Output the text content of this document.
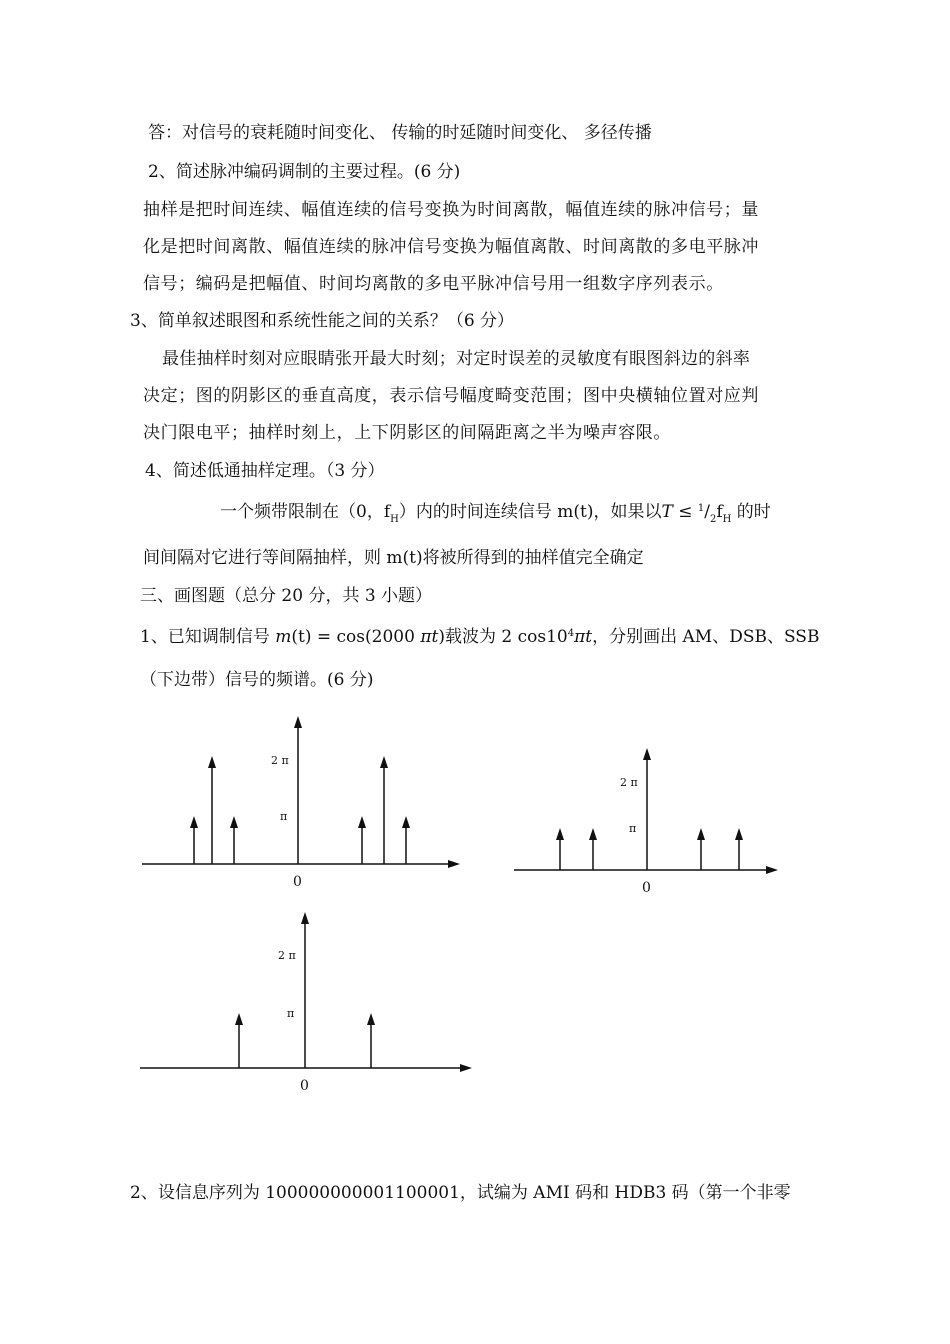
答：对信号的衰耗随时间变化、 传输的时延随时间变化、 多径传播
2、简述脉冲编码调制的主要过程。(6 分)
抽样是把时间连续、幅值连续的信号变换为时间离散，幅值连续的脉冲信号；量
化是把时间离散、幅值连续的脉冲信号变换为幅值离散、时间离散的多电平脉冲
信号；编码是把幅值、时间均离散的多电平脉冲信号用一组数字序列表示。
3、简单叙述眼图和系统性能之间的关系？（6 分）
最佳抽样时刻对应眼睛张开最大时刻；对定时误差的灵敏度有眼图斜边的斜率
决定；图的阴影区的垂直高度，表示信号幅度畸变范围；图中央横轴位置对应判
决门限电平；抽样时刻上，上下阴影区的间隔距离之半为噪声容限。
4、简述低通抽样定理。（3 分）
一个频带限制在（0，$f_H$）内的时间连续信号 m(t)，如果以$T \le ^1/_2f_H$ 的时
间间隔对它进行等间隔抽样，则 m(t)将被所得到的抽样值完全确定
三、画图题（总分 20 分，共 3 小题）
1、已知调制信号 m(t) = cos(2000 πt)载波为 2 $\cos 10^4\pi t$，分别画出 AM、DSB、SSB
（下边带）信号的频谱。(6 分)
2 π
π
0
2 π
π
0
2 π
π
0
2、设信息序列为 100000000001100001，试编为 AMI 码和 HDB3 码（第一个非零
